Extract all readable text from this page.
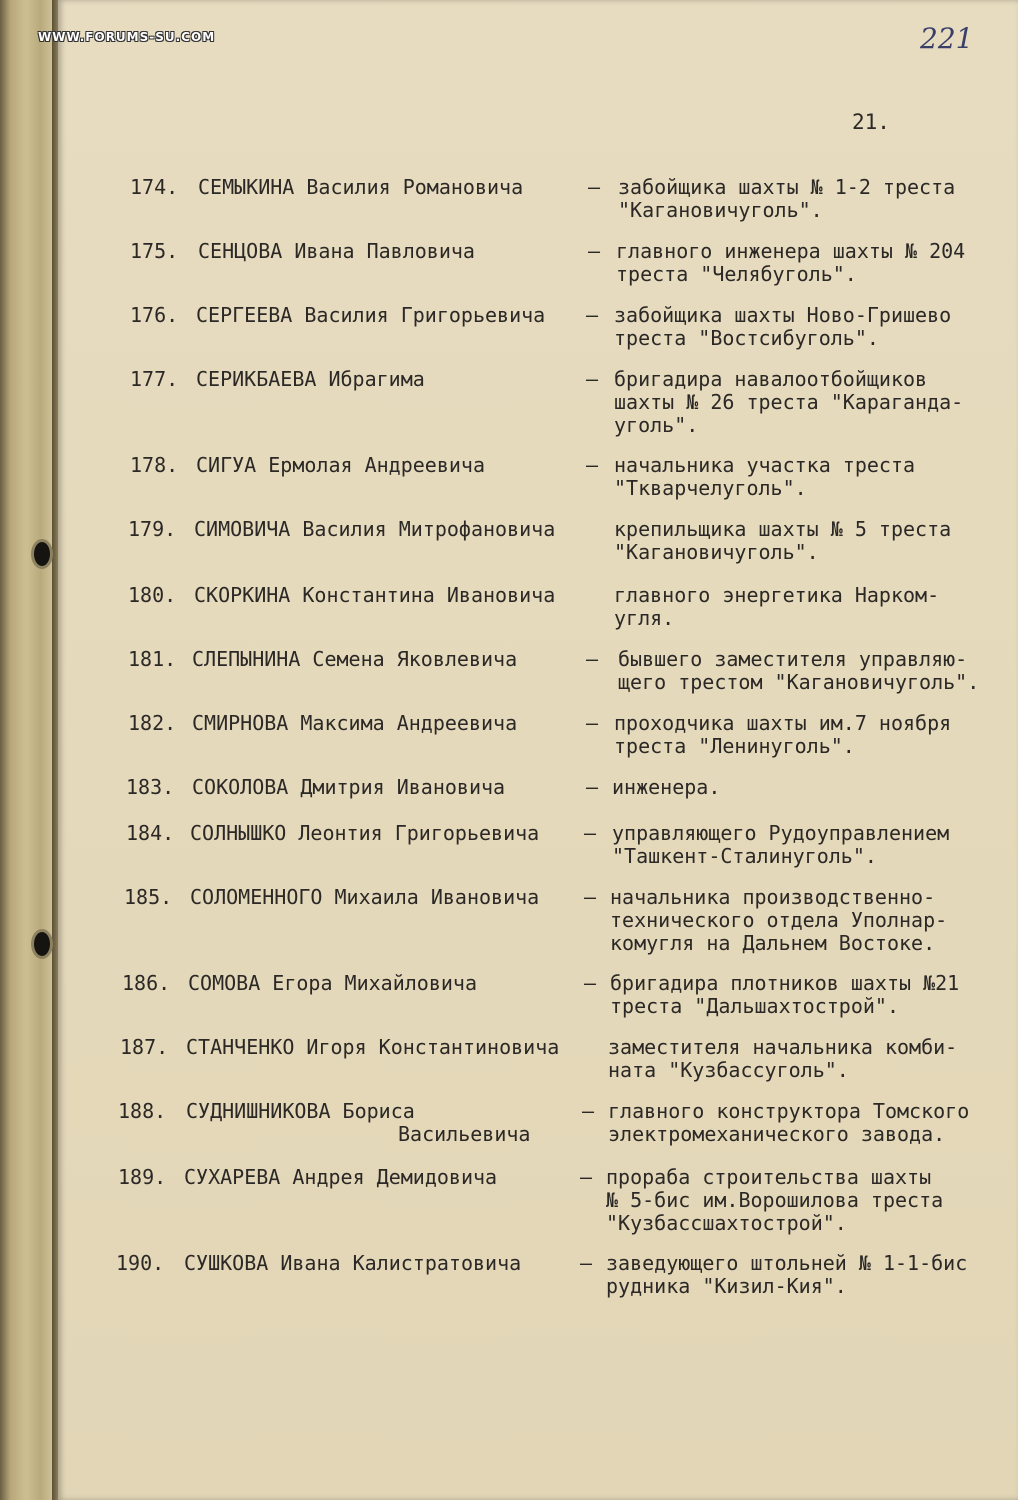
WWW.FORUMS-SU.COM	221
21.
174. СЕМЫКИНА Василия Романовича	– забойщика шахты № 1-2 треста
"Кагановичуголь".
175. СЕНЦОВА Ивана Павловича	– главного инженера шахты № 204
треста "Челябуголь".
176. СЕРГЕЕВА Василия Григорьевича – забойщика шахты Ново-Гришево
треста "Востсибуголь".
177. СЕРИКБАЕВА Ибрагима	– бригадира навалоотбойщиков
шахты № 26 треста "Караганда-
уголь".
178. СИГУА Ермолая Андреевича	– начальника участка треста
"Ткварчелуголь".
179. СИМОВИЧА Василия Митрофановича	крепильщика шахты № 5 треста
"Кагановичуголь".
180. СКОРКИНА Константина Ивановича	главного энергетика Нарком-
угля.
181. СЛЕПЫНИНА Семена Яковлевича	– бывшего заместителя управляю-
щего трестом "Кагановичуголь".
182. СМИРНОВА Максима Андреевича	– проходчика шахты им.7 ноября
треста "Ленинуголь".
183. СОКОЛОВА Дмитрия Ивановича	– инженера.
184. СОЛНЫШКО Леонтия Григорьевича – управляющего Рудоуправлением
"Ташкент-Сталинуголь".
185. СОЛОМЕННОГО Михаила Ивановича – начальника производственно-
технического отдела Уполнар-
комугля на Дальнем Востоке.
186. СОМОВА Егора Михайловича	– бригадира плотников шахты №21
треста "Дальшахтострой".
187. СТАНЧЕНКО Игоря Константиновича заместителя начальника комби-
ната "Кузбассуголь".
188. СУДНИШНИКОВА Бориса
Васильевича
– главного конструктора Томского
электромеханического завода.
189. СУХАРЕВА Андрея Демидовича	– прораба строительства шахты
№ 5-бис им.Ворошилова треста
"Кузбассшахтострой".
190. СУШКОВА Ивана Калистратовича	– заведующего штольней № 1-1-бис
рудника "Кизил-Кия".
